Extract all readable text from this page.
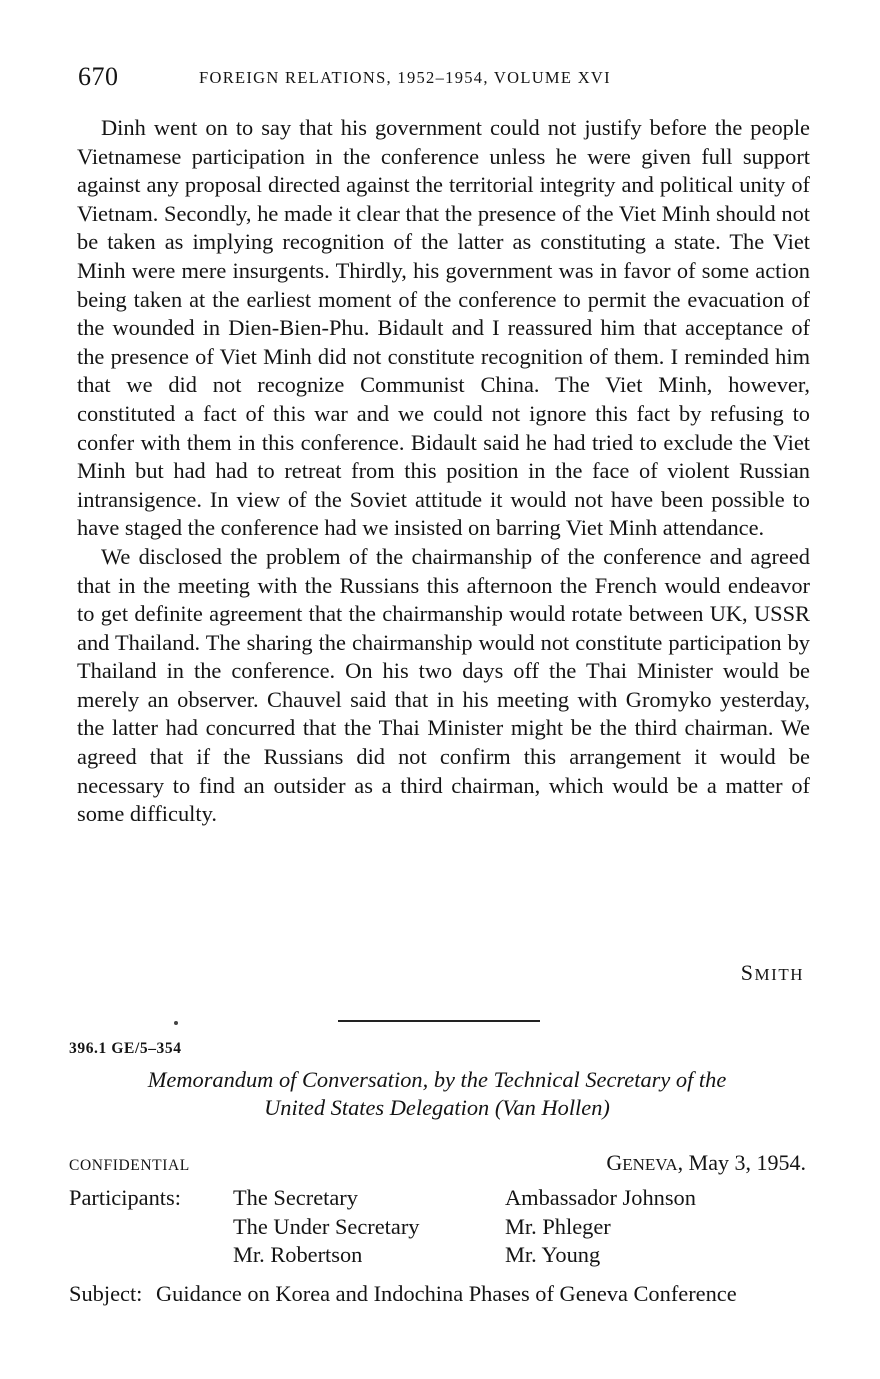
670	FOREIGN RELATIONS, 1952–1954, VOLUME XVI

Dinh went on to say that his government could not justify before the people Vietnamese participation in the conference unless he were given full support against any proposal directed against the territorial integrity and political unity of Vietnam. Secondly, he made it clear that the presence of the Viet Minh should not be taken as implying recognition of the latter as constituting a state. The Viet Minh were mere insurgents. Thirdly, his government was in favor of some action being taken at the earliest moment of the conference to permit the evacuation of the wounded in Dien-Bien-Phu. Bidault and I reassured him that acceptance of the presence of Viet Minh did not constitute recognition of them. I reminded him that we did not recognize Communist China. The Viet Minh, however, constituted a fact of this war and we could not ignore this fact by refusing to confer with them in this conference. Bidault said he had tried to exclude the Viet Minh but had had to retreat from this position in the face of violent Russian intransigence. In view of the Soviet attitude it would not have been possible to have staged the conference had we insisted on barring Viet Minh attendance.

We disclosed the problem of the chairmanship of the conference and agreed that in the meeting with the Russians this afternoon the French would endeavor to get definite agreement that the chairmanship would rotate between UK, USSR and Thailand. The sharing the chairmanship would not constitute participation by Thailand in the conference. On his two days off the Thai Minister would be merely an observer. Chauvel said that in his meeting with Gromyko yesterday, the latter had concurred that the Thai Minister might be the third chairman. We agreed that if the Russians did not confirm this arrangement it would be necessary to find an outsider as a third chairman, which would be a matter of some difficulty.

SMITH
396.1 GE/5–354
Memorandum of Conversation, by the Technical Secretary of the
United States Delegation (Van Hollen)
CONFIDENTIAL	GENEVA, May 3, 1954.
Participants: The Secretary
The Under Secretary
Mr. Robertson
Ambassador Johnson
Mr. Phleger
Mr. Young
Subject: Guidance on Korea and Indochina Phases of Geneva Conference
